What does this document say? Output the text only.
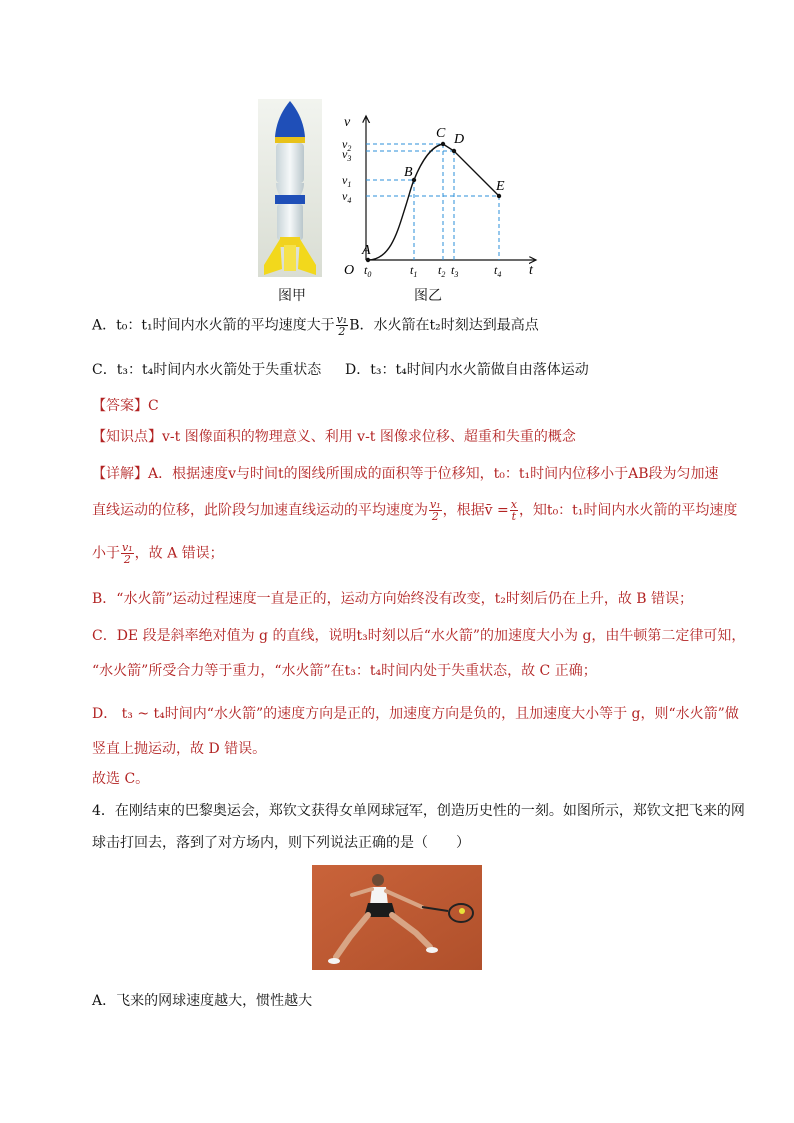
v
t
O
A
B
C D
E
$v_2$
$v_3$
$v_1$
$v_4$
$t_0$	$t_1$ $t_2$ $t_3$	$t_4$
图甲	图乙
A．t₀：t₁时间内水火箭的平均速度大于 $\frac{\text{v₁}}{2}$ B．水火箭在t₂时刻达到最高点
C．t₃：t₄时间内水火箭处于失重状态 D．t₃：t₄时间内水火箭做自由落体运动
【答案】C
【知识点】v-t 图像面积的物理意义、利用 v-t 图像求位移、超重和失重的概念
【详解】A．根据速度v与时间t的图线所围成的面积等于位移知，t₀：t₁时间内位移小于AB段为匀加速
直线运动的位移，此阶段匀加速直线运动的平均速度为 $\frac{\text{v₁}}{2}$ ，根据v̄ = $\frac{x}{t}$ ，知t₀：t₁时间内水火箭的平均速度
小于 $\frac{\text{v₁}}{2}$ ，故 A 错误；
B．“水火箭”运动过程速度一直是正的，运动方向始终没有改变，t₂时刻后仍在上升，故 B 错误；
C．DE 段是斜率绝对值为 g 的直线，说明t₃时刻以后“水火箭”的加速度大小为 g，由牛顿第二定律可知，
“水火箭”所受合力等于重力，“水火箭”在t₃：t₄时间内处于失重状态，故 C 正确；
D． t₃ ~ t₄时间内“水火箭”的速度方向是正的，加速度方向是负的，且加速度大小等于 g，则“水火箭”做
竖直上抛运动，故 D 错误。
故选 C。
4．在刚结束的巴黎奥运会，郑钦文获得女单网球冠军，创造历史性的一刻。如图所示，郑钦文把飞来的网
球击打回去，落到了对方场内，则下列说法正确的是（　　）
A．飞来的网球速度越大，惯性越大
